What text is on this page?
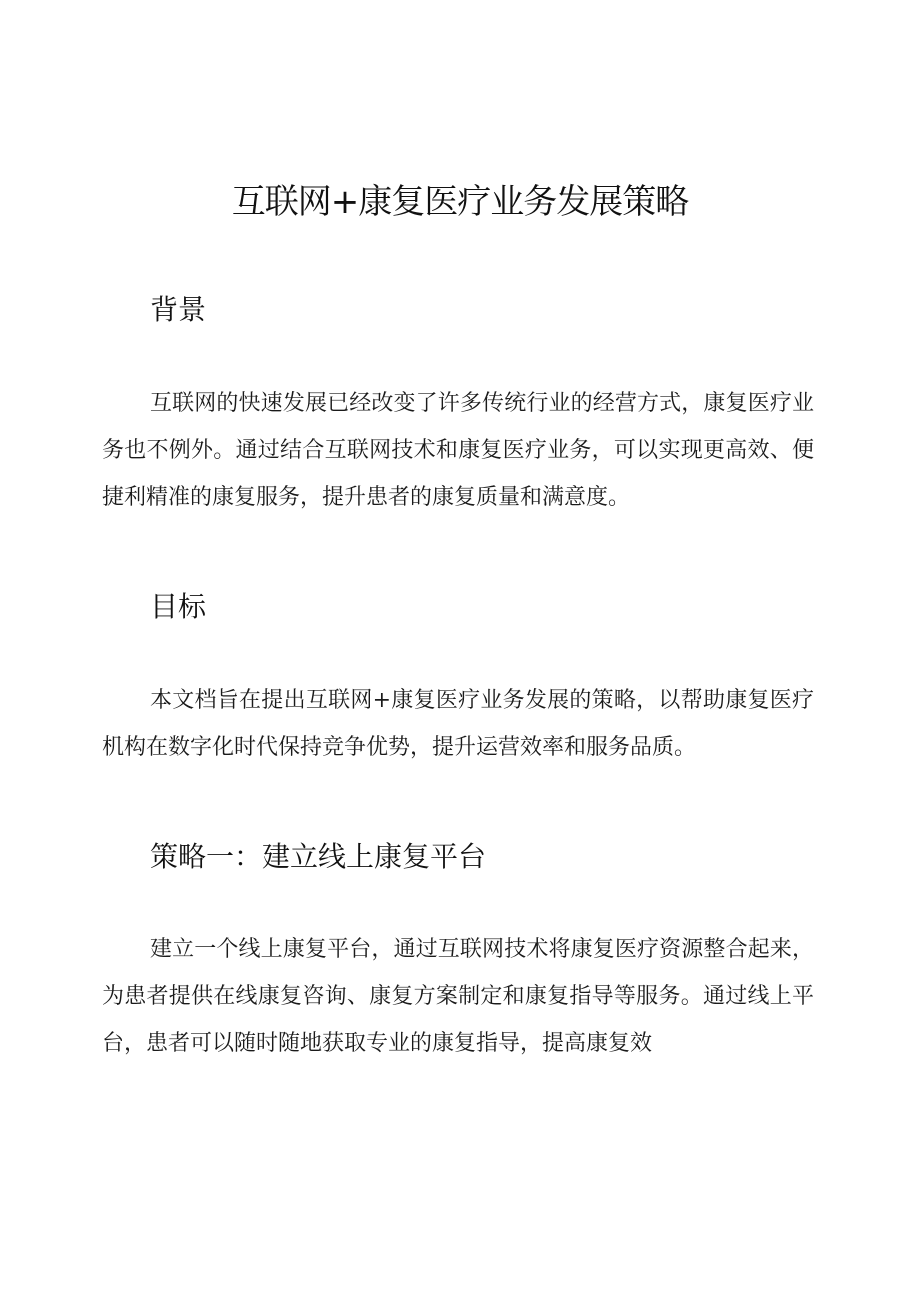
互联网+康复医疗业务发展策略
背景

互联网的快速发展已经改变了许多传统行业的经营方式，康复医疗业务也不例外。通过结合互联网技术和康复医疗业务，可以实现更高效、便捷利精准的康复服务，提升患者的康复质量和满意度。

目标

本文档旨在提出互联网+康复医疗业务发展的策略，以帮助康复医疗机构在数字化时代保持竞争优势，提升运营效率和服务品质。

策略一：建立线上康复平台

建立一个线上康复平台，通过互联网技术将康复医疗资源整合起来，为患者提供在线康复咨询、康复方案制定和康复指导等服务。通过线上平台，患者可以随时随地获取专业的康复指导，提高康复效
